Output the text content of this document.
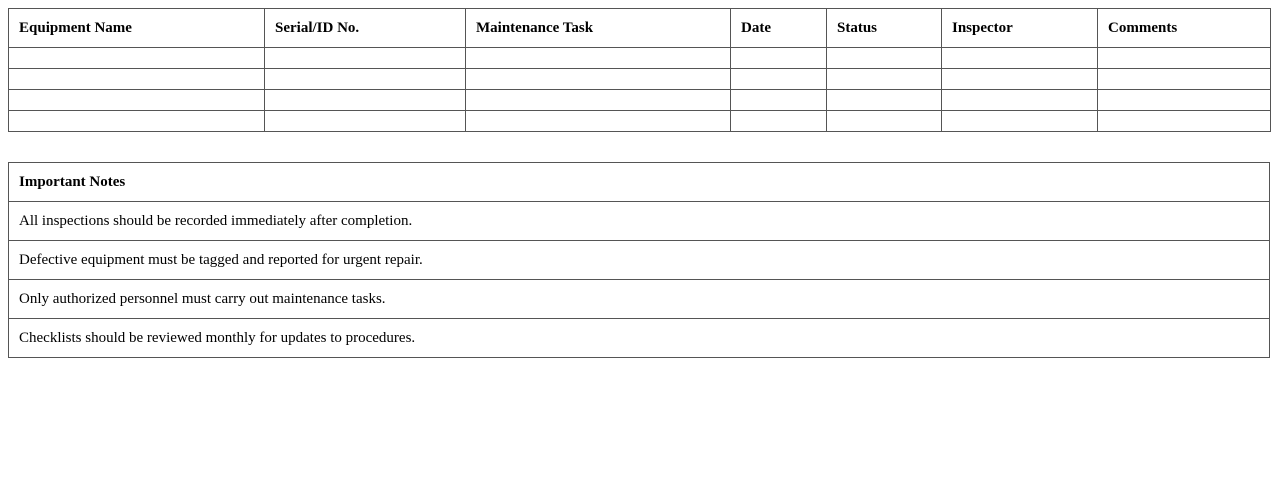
Equipment Name	Serial/ID No.	Maintenance Task	Date	Status	Inspector	Comments

Important Notes
All inspections should be recorded immediately after completion.
Defective equipment must be tagged and reported for urgent repair.
Only authorized personnel must carry out maintenance tasks.
Checklists should be reviewed monthly for updates to procedures.
